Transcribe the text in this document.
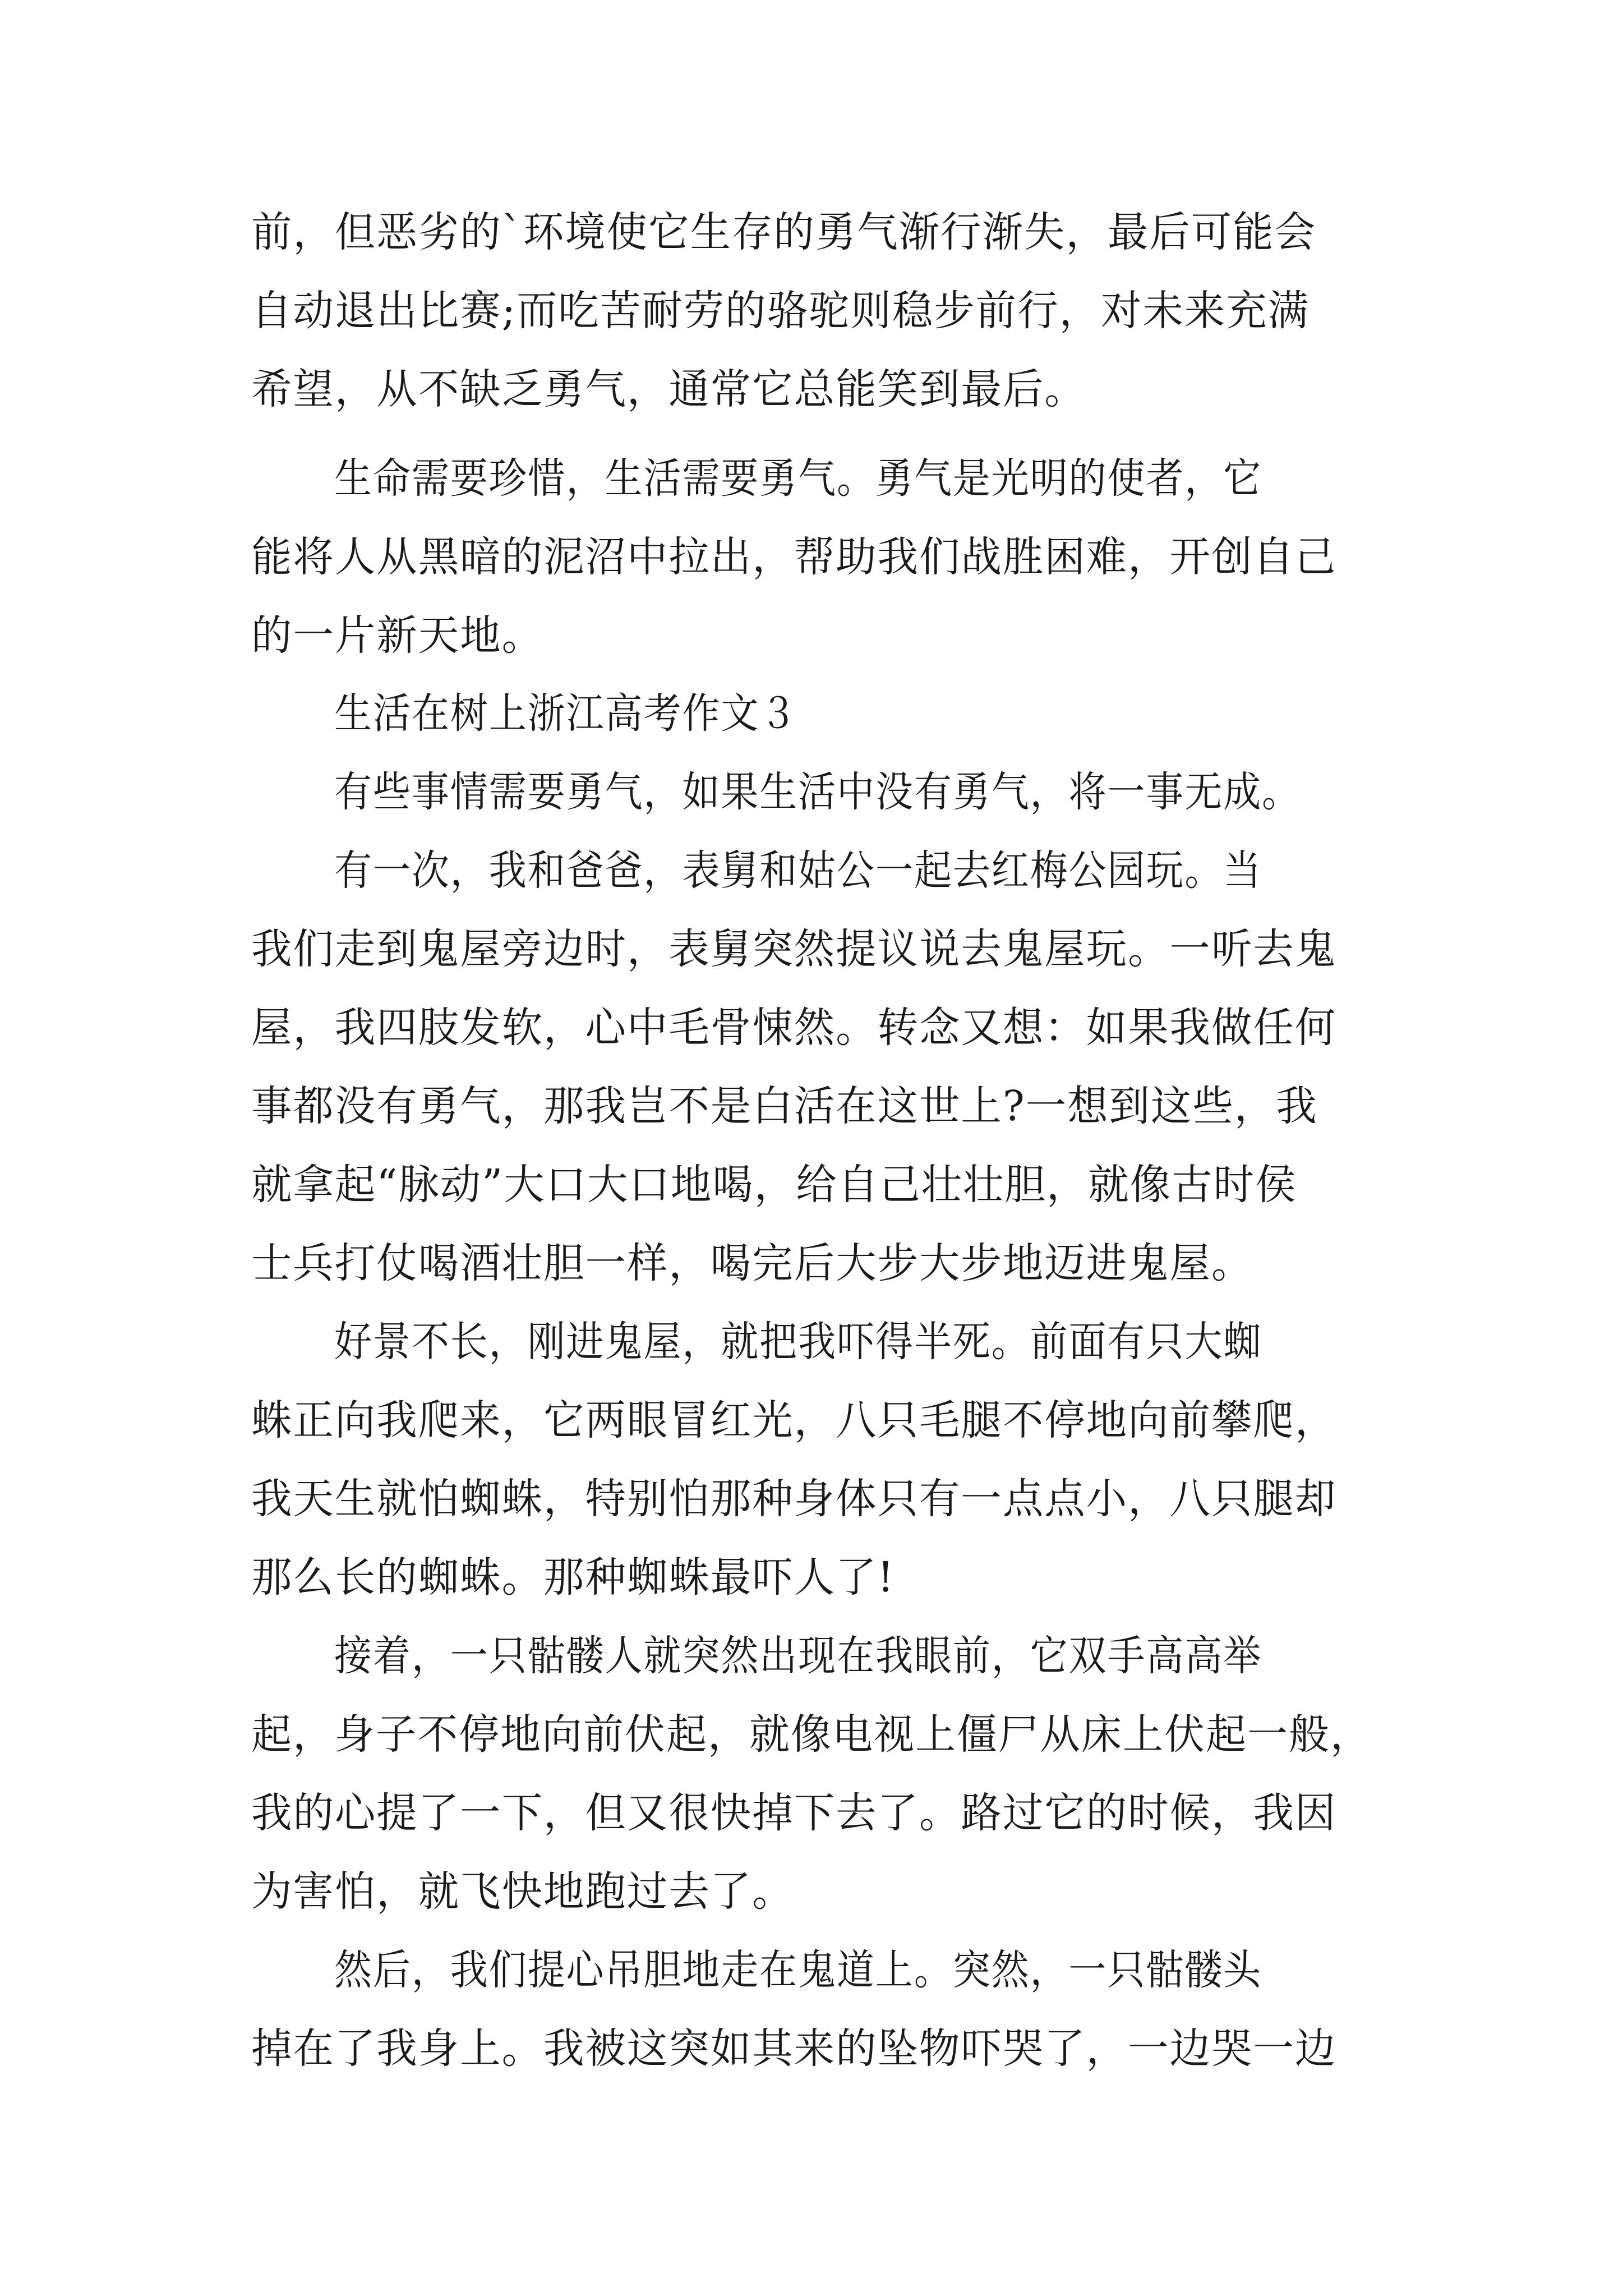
前，但恶劣的`环境使它生存的勇气渐行渐失，最后可能会
自动退出比赛;而吃苦耐劳的骆驼则稳步前行，对未来充满
希望，从不缺乏勇气，通常它总能笑到最后。
生命需要珍惜，生活需要勇气。勇气是光明的使者，它
能将人从黑暗的泥沼中拉出，帮助我们战胜困难，开创自己
的一片新天地。
生活在树上浙江高考作文３
有些事情需要勇气，如果生活中没有勇气，将一事无成。
有一次，我和爸爸，表舅和姑公一起去红梅公园玩。当
我们走到鬼屋旁边时，表舅突然提议说去鬼屋玩。一听去鬼
屋，我四肢发软，心中毛骨悚然。转念又想：如果我做任何
事都没有勇气，那我岂不是白活在这世上?一想到这些，我
就拿起“脉动”大口大口地喝，给自己壮壮胆，就像古时侯
士兵打仗喝酒壮胆一样，喝完后大步大步地迈进鬼屋。
好景不长，刚进鬼屋，就把我吓得半死。前面有只大蜘
蛛正向我爬来，它两眼冒红光，八只毛腿不停地向前攀爬，
我天生就怕蜘蛛，特别怕那种身体只有一点点小，八只腿却
那么长的蜘蛛。那种蜘蛛最吓人了!
接着，一只骷髅人就突然出现在我眼前，它双手高高举
起，身子不停地向前伏起，就像电视上僵尸从床上伏起一般，
我的心提了一下，但又很快掉下去了。路过它的时候，我因
为害怕，就飞快地跑过去了。
然后，我们提心吊胆地走在鬼道上。突然，一只骷髅头
掉在了我身上。我被这突如其来的坠物吓哭了，一边哭一边
